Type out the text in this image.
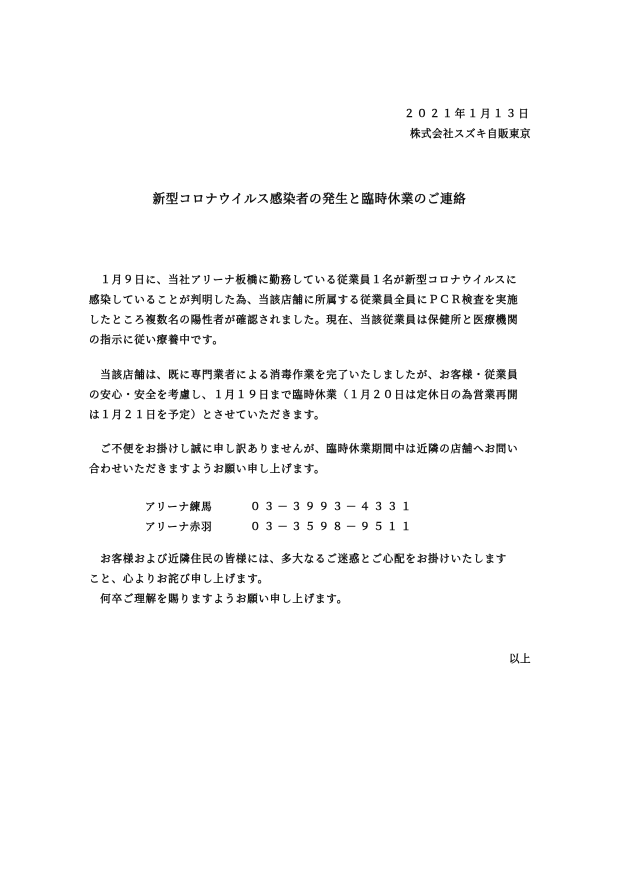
２０２１年１月１３日
株式会社スズキ自販東京
新型コロナウイルス感染者の発生と臨時休業のご連絡
　１月９日に、当社アリーナ板橋に勤務している従業員１名が新型コロナウイルスに
感染していることが判明した為、当該店舗に所属する従業員全員にＰＣＲ検査を実施
したところ複数名の陽性者が確認されました。現在、当該従業員は保健所と医療機関
の指示に従い療養中です。
　当該店舗は、既に専門業者による消毒作業を完了いたしましたが、お客様・従業員
の安心・安全を考慮し、１月１９日まで臨時休業（１月２０日は定休日の為営業再開
は１月２１日を予定）とさせていただきます。
　ご不便をお掛けし誠に申し訳ありませんが、臨時休業期間中は近隣の店舗へお問い
合わせいただきますようお願い申し上げます。
アリーナ練馬	０３－３９９３－４３３１
アリーナ赤羽	０３－３５９８－９５１１
　お客様および近隣住民の皆様には、多大なるご迷惑とご心配をお掛けいたします
こと、心よりお詫び申し上げます。
　何卒ご理解を賜りますようお願い申し上げます。
以上
